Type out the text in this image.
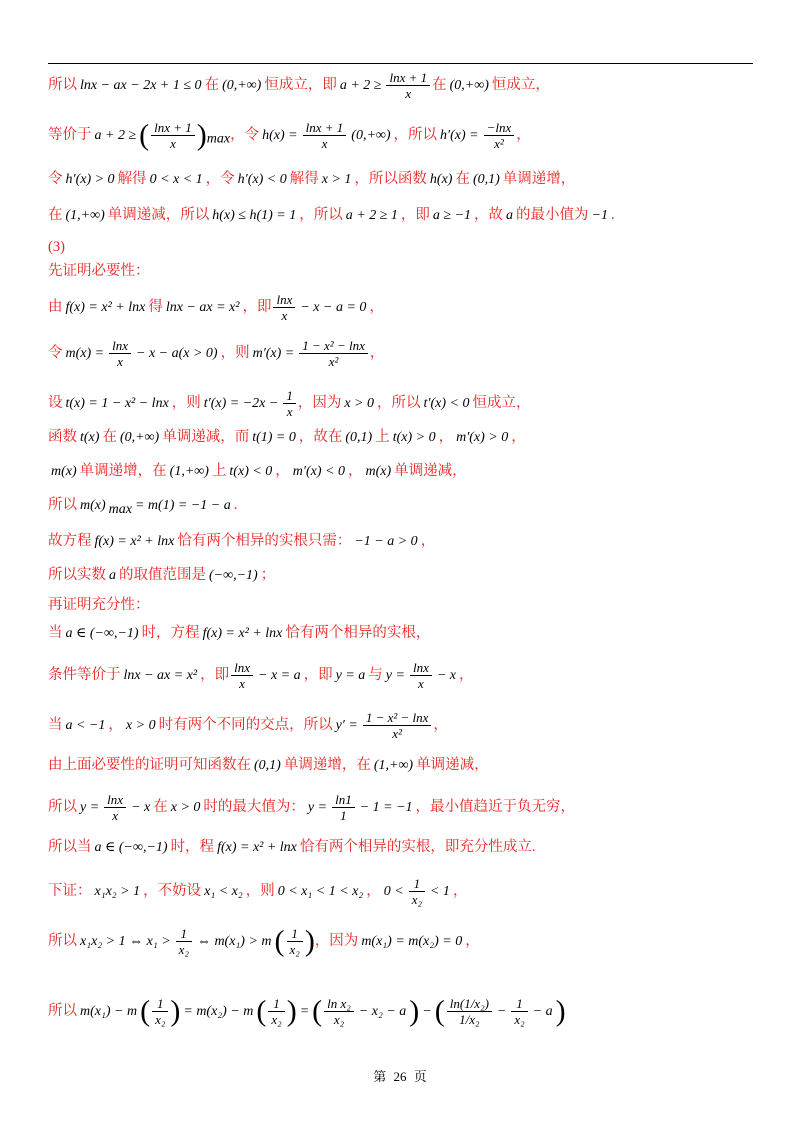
所以 lnx − ax − 2x + 1 ≤ 0 在 (0,+∞) 恒成立，即 $a + 2 \ge \frac{\ln x + 1}{x}$ 在 (0,+∞) 恒成立，
等价于 a + 2 ≥ ( $\frac{\ln x + 1}{x} )_{max}$，令 $h(x) = \frac{\ln x + 1}{x} (0,+\infty)$ ，所以 $h'(x) = \frac{-\ln x}{\text{x²}}$ ，
令 h′(x) > 0 解得 0 < x < 1 ，令 h′(x) < 0 解得 x > 1 ，所以函数 h(x) 在 (0,1) 单调递增，
在 (1,+∞) 单调递减，所以 h(x) ≤ h(1) = 1 ，所以 a + 2 ≥ 1 ，即 a ≥ −1 ，故 a 的最小值为 −1 .
(3)
先证明必要性：
由 f(x) = x² + lnx 得 lnx − ax = x² ，即 $\frac{\ln x}{x} - x - a = 0$ ，
令 $m(x) = \frac{\ln x}{x} - x - a(x > 0)$ ，则 $m'(x) = \frac{\text{1 − x² − lnx}}{\text{x²}}$ ，
设 t(x) = 1 − x² − lnx ，则 $t'(x) = -2x - \frac{1}{x}$ ，因为 x > 0 ，所以 t′(x) < 0 恒成立，
函数 t(x) 在 (0,+∞) 单调递减，而 t(1) = 0 ，故在 (0,1) 上 t(x) > 0 ， m′(x) > 0 ，
m(x) 单调递增，在 (1,+∞) 上 t(x) < 0 ， m′(x) < 0 ， m(x) 单调递减，
所以 m(x) $_{max}$ = m(1) = −1 − a .
故方程 f(x) = x² + lnx 恰有两个相异的实根只需： −1 − a > 0 ，
所以实数 a 的取值范围是 (−∞,−1) ；
再证明充分性：
当 a ∈ (−∞,−1) 时，方程 f(x) = x² + lnx 恰有两个相异的实根，
条件等价于 lnx − ax = x² ，即 $\frac{\ln x}{x} - x = a$ ，即 y = a 与 $y = \frac{\ln x}{x} - x$ ，
当 a < −1 ， x > 0 时有两个不同的交点，所以 $y' = \frac{\text{1 − x² − lnx}}{\text{x²}}$ ，
由上面必要性的证明可知函数在 (0,1) 单调递增，在 (1,+∞) 单调递减，
所以 $y = \frac{\ln x}{x} - x$ 在 x > 0 时的最大值为： $y = \frac{\ln 1}{1} - 1 = -1$ ，最小值趋近于负无穷，
所以当 a ∈ (−∞,−1) 时，程 f(x) = x² + lnx 恰有两个相异的实根，即充分性成立.
下证： x₁x₂ > 1 ，不妨设 x₁ < x₂ ，则 0 < x₁ < 1 < x₂ ， $0 < \frac{1}{\text{x₂}} < 1$ ，
所以 x₁x₂ > 1 ⇔ $x_1 > \frac{1}{\text{x₂}}$ ⇔ m(x₁) > m ( $\frac{1}{\text{x₂}}$ )，因为 m(x₁) = m(x₂) = 0 ，
所以 m(x₁) − m ( $\frac{1}{\text{x₂}}$ ) = m(x₂) − m ( $\frac{1}{\text{x₂}}$ ) = ( $\frac{\text{ln x₂}}{\text{x₂}} - x_2 - a$ ) − ( $\frac{\text{ln(1/x₂)}}{\text{1/x₂}} - \frac{1}{\text{x₂}} - a$ )
第 26 页
